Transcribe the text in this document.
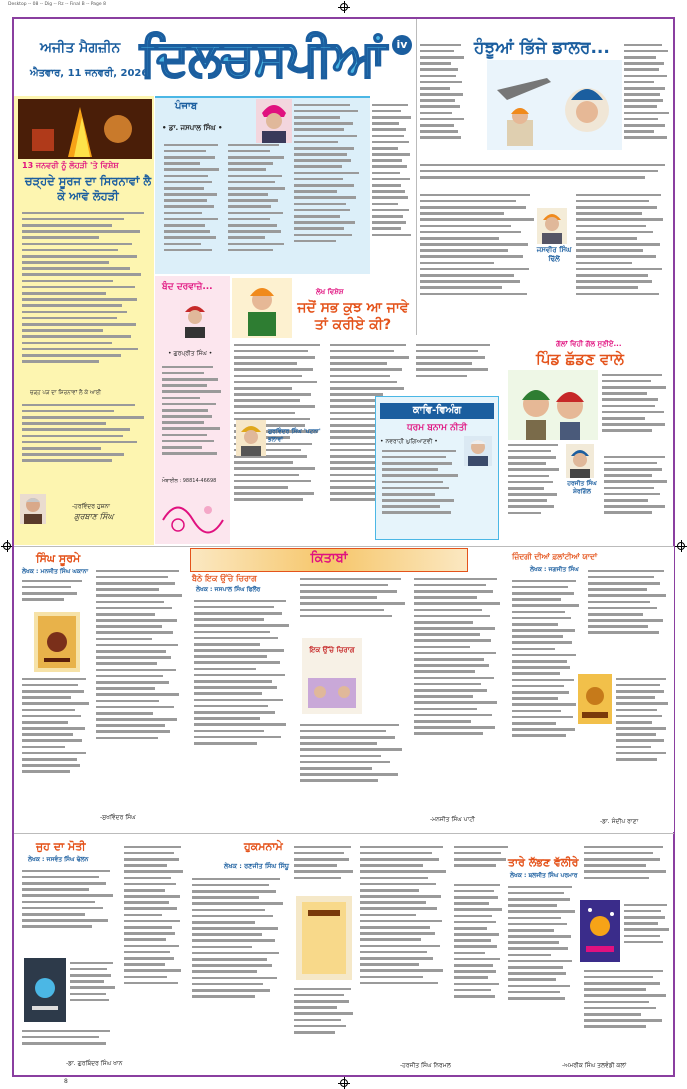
Desktop -- 08 -- Dig -- Rz -- Final B -- Page 8
ਅਜੀਤ ਮੈਗਜ਼ੀਨ
ਐਤਵਾਰ, 11 ਜਨਵਰੀ, 2026
ਦਿਲਚਸਪੀਆਂ iv
13 ਜਨਵਰੀ ਨੂੰ ਲੋਹੜੀ 'ਤੇ ਵਿਸ਼ੇਸ਼
ਚੜ੍ਹਦੇ ਸੂਰਜ ਦਾ ਸਿਰਨਾਵਾਂ ਲੈ ਕੇ ਆਵੇ ਲੋਹੜੀ
ਚੜ੍ਹ ਪੜ ਦਾ ਸ਼ਿਰਨਾਵਾਂ ਲੈ ਕੇ ਆਈ
-ਹਰਵਿੰਦਰ ਹੁਸ਼ਨਾ
ਗੁਰਬਾਣ ਸਿੰਘ
ਪੰਜਾਬ
• ਡਾ. ਜਸਪਾਲ ਸਿੰਘ •
ਹੰਝੂਆਂ ਭਿੱਜੇ ਡਾਲਰ...
ਜਸਵੀਰ ਸਿੰਘ ਢਿੱਲੋਂ
ਬੰਦ ਦਰਵਾਜ਼ੇ...
• ਗੁਰਪ੍ਰੀਤ ਸਿੰਘ •
ਮੋਬਾਈਲ : 98814-46698
ਲੇਖ ਵਿਸ਼ੇਸ਼
ਜਦੋਂ ਸਭ ਕੁਝ ਆ ਜਾਵੇ ਤਾਂ ਕਰੀਏ ਕੀ?
ਗੁਰਵਿੰਦਰ ਸਿੰਘ 'ਪਟਨਾ' ਭਲਾਵਾਂ
ਕਾਵਿ-ਵਿਅੰਗ
ਧਰਮ ਬਨਾਮ ਨੀਤੀ
• ਨਵਰਾਹੀ ਘੁਗਿਆਣਵੀ •
ਗੱਲਾਂ ਵਿਹੀ ਗੱਲ ਸੁਣੀਏ...
ਪਿੰਡ ਛੱਡਣ ਵਾਲੇ
ਹਰਜੀਤ ਸਿੰਘ ਸ਼ੇਰਗਿੱਲ
ਕਿਤਾਬਾਂ
ਸਿੰਘ ਸੂਰਮੇ
ਲੇਖਕ : ਮਨਜੀਤ ਸਿੰਘ ਘਕਾਨਾ
-ਸੁਖਵਿੰਦਰ ਸਿੰਘ
ਬੈਠੇ ਇਕ ਉੱਚੇ ਚਿਰਾਗ
ਲੇਖਕ : ਜਸਪਾਲ ਸਿੰਘ ਫਿਲੌਰ
ਇਕ ਉੱਚੇ ਚਿਰਾਗ
-ਮਨਜੀਤ ਸਿੰਘ ਪਾਟੀ
ਜ਼ਿੰਦਗੀ ਦੀਆਂ ਫ਼ਲਾਂਟੀਆਂ ਯਾਦਾਂ
ਲੇਖਕ : ਜਗਜੀਤ ਸਿੰਘ
-ਡਾ. ਸੰਦੀਪ ਰਾਣਾ
ਜੁਹ ਦਾ ਮੋਤੀ
ਲੇਖਕ : ਜਸਵੰਤ ਸਿੰਘ ਢੋਲਨ
-ਡਾ. ਗੁਰਬਿੰਦਰ ਸਿੰਘ ਖਾਨ
ਹੁਕਮਨਾਮੇ
ਲੇਖਕ : ਰਣਜੀਤ ਸਿੰਘ ਸਿੱਧੂ
-ਹਰਜੀਤ ਸਿੰਘ ਨਿਰਮਲ
ਤਾਰੇ ਲੱਭਣ ਵੱਲੀਰੇ
ਲੇਖਕ : ਬਲਜੀਤ ਸਿੰਘ ਪਰਮਾਰ
-ਅਮਰੀਕ ਸਿੰਘ ਤਲਵੰਡੀ ਕਲਾਂ
8
